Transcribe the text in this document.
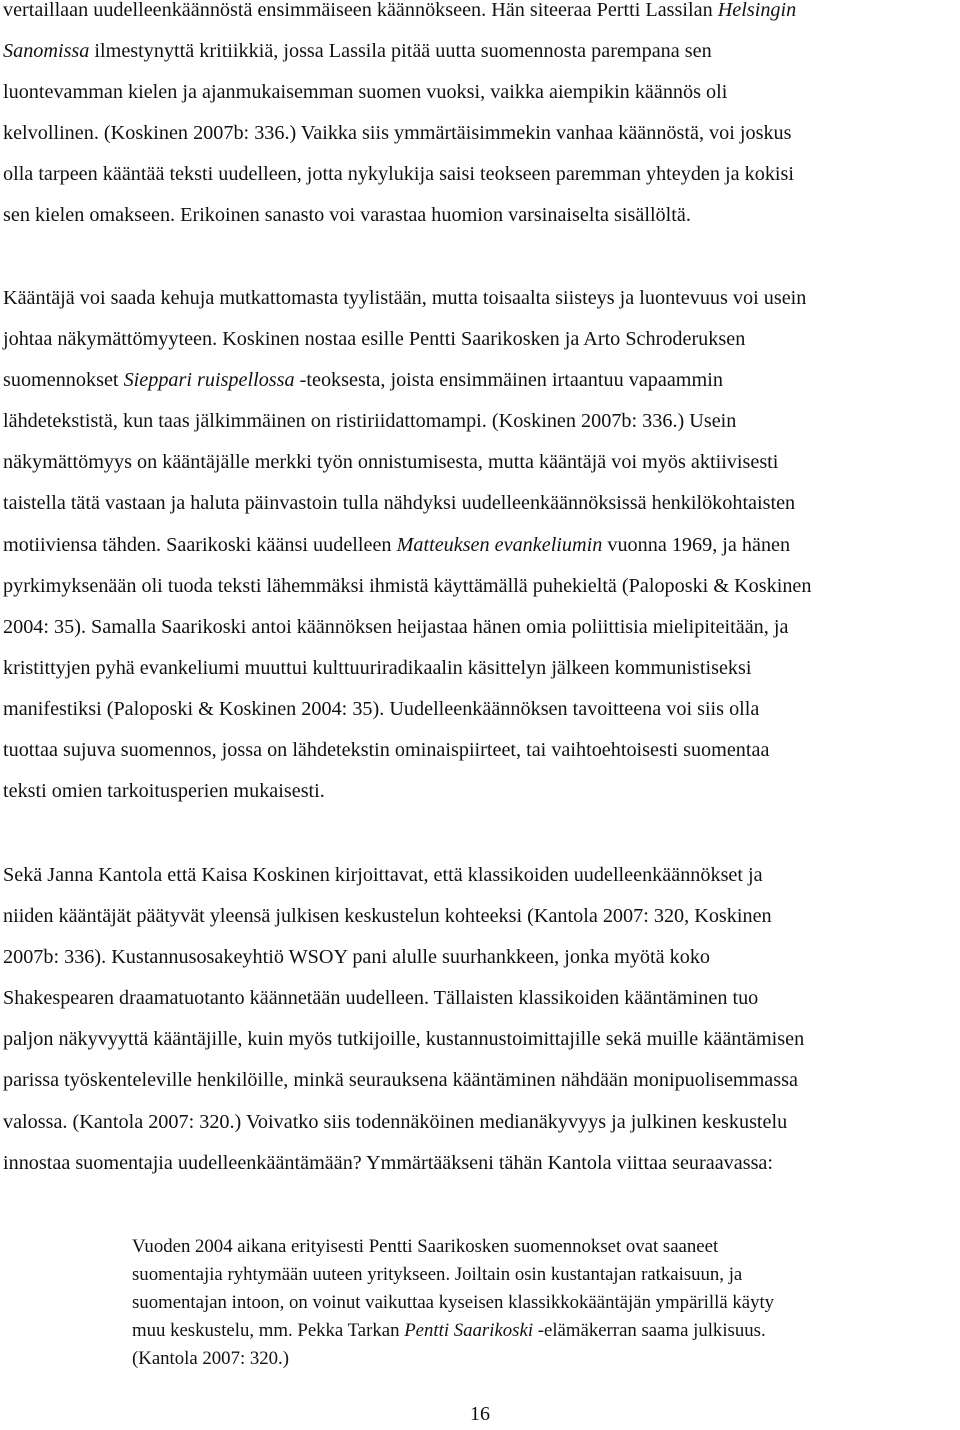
vertaillaan uudelleenkäännöstä ensimmäiseen käännökseen. Hän siteeraa Pertti Lassilan Helsingin
Sanomissa ilmestynyttä kritiikkiä, jossa Lassila pitää uutta suomennosta parempana sen
luontevamman kielen ja ajanmukaisemman suomen vuoksi, vaikka aiempikin käännös oli
kelvollinen. (Koskinen 2007b: 336.) Vaikka siis ymmärtäisimmekin vanhaa käännöstä, voi joskus
olla tarpeen kääntää teksti uudelleen, jotta nykylukija saisi teokseen paremman yhteyden ja kokisi
sen kielen omakseen. Erikoinen sanasto voi varastaa huomion varsinaiselta sisällöltä.

Kääntäjä voi saada kehuja mutkattomasta tyylistään, mutta toisaalta siisteys ja luontevuus voi usein
johtaa näkymättömyyteen. Koskinen nostaa esille Pentti Saarikosken ja Arto Schroderuksen
suomennokset Sieppari ruispellossa -teoksesta, joista ensimmäinen irtaantuu vapaammin
lähdetekstistä, kun taas jälkimmäinen on ristiriidattomampi. (Koskinen 2007b: 336.) Usein
näkymättömyys on kääntäjälle merkki työn onnistumisesta, mutta kääntäjä voi myös aktiivisesti
taistella tätä vastaan ja haluta päinvastoin tulla nähdyksi uudelleenkäännöksissä henkilökohtaisten
motiiviensa tähden. Saarikoski käänsi uudelleen Matteuksen evankeliumin vuonna 1969, ja hänen
pyrkimyksenään oli tuoda teksti lähemmäksi ihmistä käyttämällä puhekieltä (Paloposki & Koskinen
2004: 35). Samalla Saarikoski antoi käännöksen heijastaa hänen omia poliittisia mielipiteitään, ja
kristittyjen pyhä evankeliumi muuttui kulttuuriradikaalin käsittelyn jälkeen kommunistiseksi
manifestiksi (Paloposki & Koskinen 2004: 35). Uudelleenkäännöksen tavoitteena voi siis olla
tuottaa sujuva suomennos, jossa on lähdetekstin ominaispiirteet, tai vaihtoehtoisesti suomentaa
teksti omien tarkoitusperien mukaisesti.

Sekä Janna Kantola että Kaisa Koskinen kirjoittavat, että klassikoiden uudelleenkäännökset ja
niiden kääntäjät päätyvät yleensä julkisen keskustelun kohteeksi (Kantola 2007: 320, Koskinen
2007b: 336). Kustannusosakeyhtiö WSOY pani alulle suurhankkeen, jonka myötä koko
Shakespearen draamatuotanto käännetään uudelleen. Tällaisten klassikoiden kääntäminen tuo
paljon näkyvyyttä kääntäjille, kuin myös tutkijoille, kustannustoimittajille sekä muille kääntämisen
parissa työskenteleville henkilöille, minkä seurauksena kääntäminen nähdään monipuolisemmassa
valossa. (Kantola 2007: 320.) Voivatko siis todennäköinen medianäkyvyys ja julkinen keskustelu
innostaa suomentajia uudelleenkääntämään? Ymmärtääkseni tähän Kantola viittaa seuraavassa:

Vuoden 2004 aikana erityisesti Pentti Saarikosken suomennokset ovat saaneet
suomentajia ryhtymään uuteen yritykseen. Joiltain osin kustantajan ratkaisuun, ja
suomentajan intoon, on voinut vaikuttaa kyseisen klassikkokääntäjän ympärillä käyty
muu keskustelu, mm. Pekka Tarkan Pentti Saarikoski -elämäkerran saama julkisuus.
(Kantola 2007: 320.)

16
